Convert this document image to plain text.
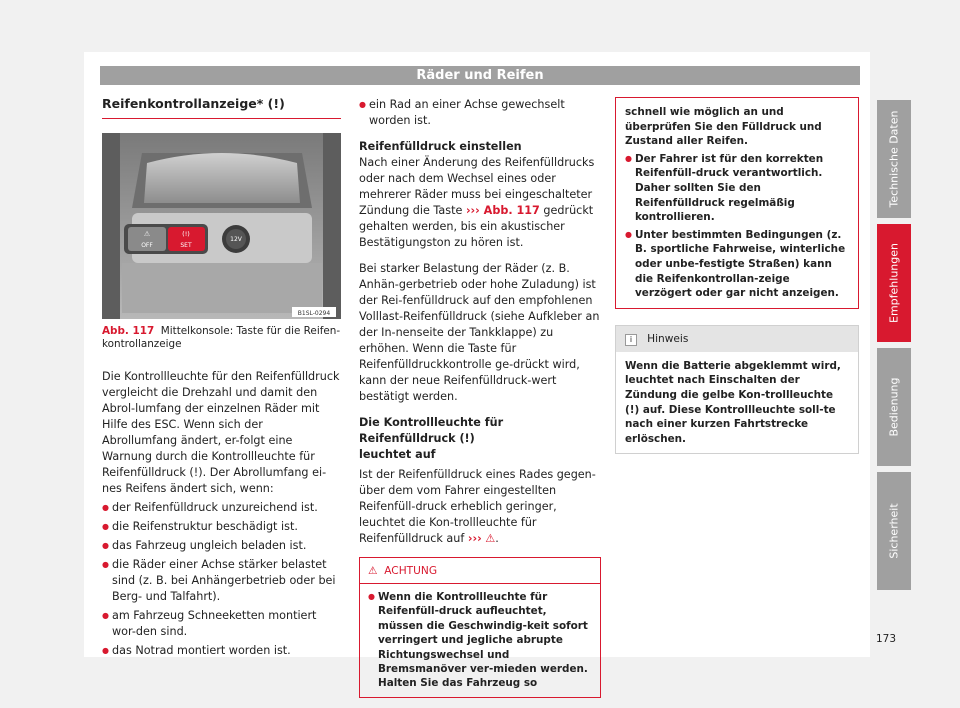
Räder und Reifen
Reifenkontrollanzeige* (!)
⚠
OFF
(!)
SET
12V
B1SL-0294
Abb. 117 Mittelkonsole: Taste für die Reifen-kontrollanzeige

Die Kontrollleuchte für den Reifenfülldruck vergleicht die Drehzahl und damit den Abrol-lumfang der einzelnen Räder mit Hilfe des ESC. Wenn sich der Abrollumfang ändert, er-folgt eine Warnung durch die Kontrollleuchte für Reifenfülldruck (!). Der Abrollumfang ei-nes Reifens ändert sich, wenn:

● der Reifenfülldruck unzureichend ist.
● die Reifenstruktur beschädigt ist.
● das Fahrzeug ungleich beladen ist.
● die Räder einer Achse stärker belastet sind (z. B. bei Anhängerbetrieb oder bei Berg- und Talfahrt).
● am Fahrzeug Schneeketten montiert wor-den sind.
● das Notrad montiert worden ist.
● ein Rad an einer Achse gewechselt worden ist.

Reifenfülldruck einstellen

Nach einer Änderung des Reifenfülldrucks oder nach dem Wechsel eines oder mehrerer Räder muss bei eingeschalteter Zündung die Taste ››› Abb. 117 gedrückt gehalten werden, bis ein akustischer Bestätigungston zu hören ist.

Bei starker Belastung der Räder (z. B. Anhän-gerbetrieb oder hohe Zuladung) ist der Rei-fenfülldruck auf den empfohlenen Volllast-Reifenfülldruck (siehe Aufkleber an der In-nenseite der Tankklappe) zu erhöhen. Wenn die Taste für Reifenfülldruckkontrolle ge-drückt wird, kann der neue Reifenfülldruck-wert bestätigt werden.

Die Kontrollleuchte für Reifenfülldruck (!)
leuchtet auf

Ist der Reifenfülldruck eines Rades gegen-über dem vom Fahrer eingestellten Reifenfüll-druck erheblich geringer, leuchtet die Kon-trollleuchte für Reifenfülldruck auf ››› ⚠.

⚠ ACHTUNG
● Wenn die Kontrollleuchte für Reifenfüll-druck aufleuchtet, müssen die Geschwindig-keit sofort verringert und jegliche abrupte Richtungswechsel und Bremsmanöver ver-mieden werden. Halten Sie das Fahrzeug so

schnell wie möglich an und überprüfen Sie den Fülldruck und Zustand aller Reifen.

● Der Fahrer ist für den korrekten Reifenfüll-druck verantwortlich. Daher sollten Sie den Reifenfülldruck regelmäßig kontrollieren.
● Unter bestimmten Bedingungen (z. B. sportliche Fahrweise, winterliche oder unbe-festigte Straßen) kann die Reifenkontrollan-zeige verzögert oder gar nicht anzeigen.
i Hinweis
Wenn die Batterie abgeklemmt wird, leuchtet nach Einschalten der Zündung die gelbe Kon-trollleuchte (!) auf. Diese Kontrollleuchte soll-te nach einer kurzen Fahrtstrecke erlöschen.
Technische Daten
Empfehlungen
Bedienung
Sicherheit
173
